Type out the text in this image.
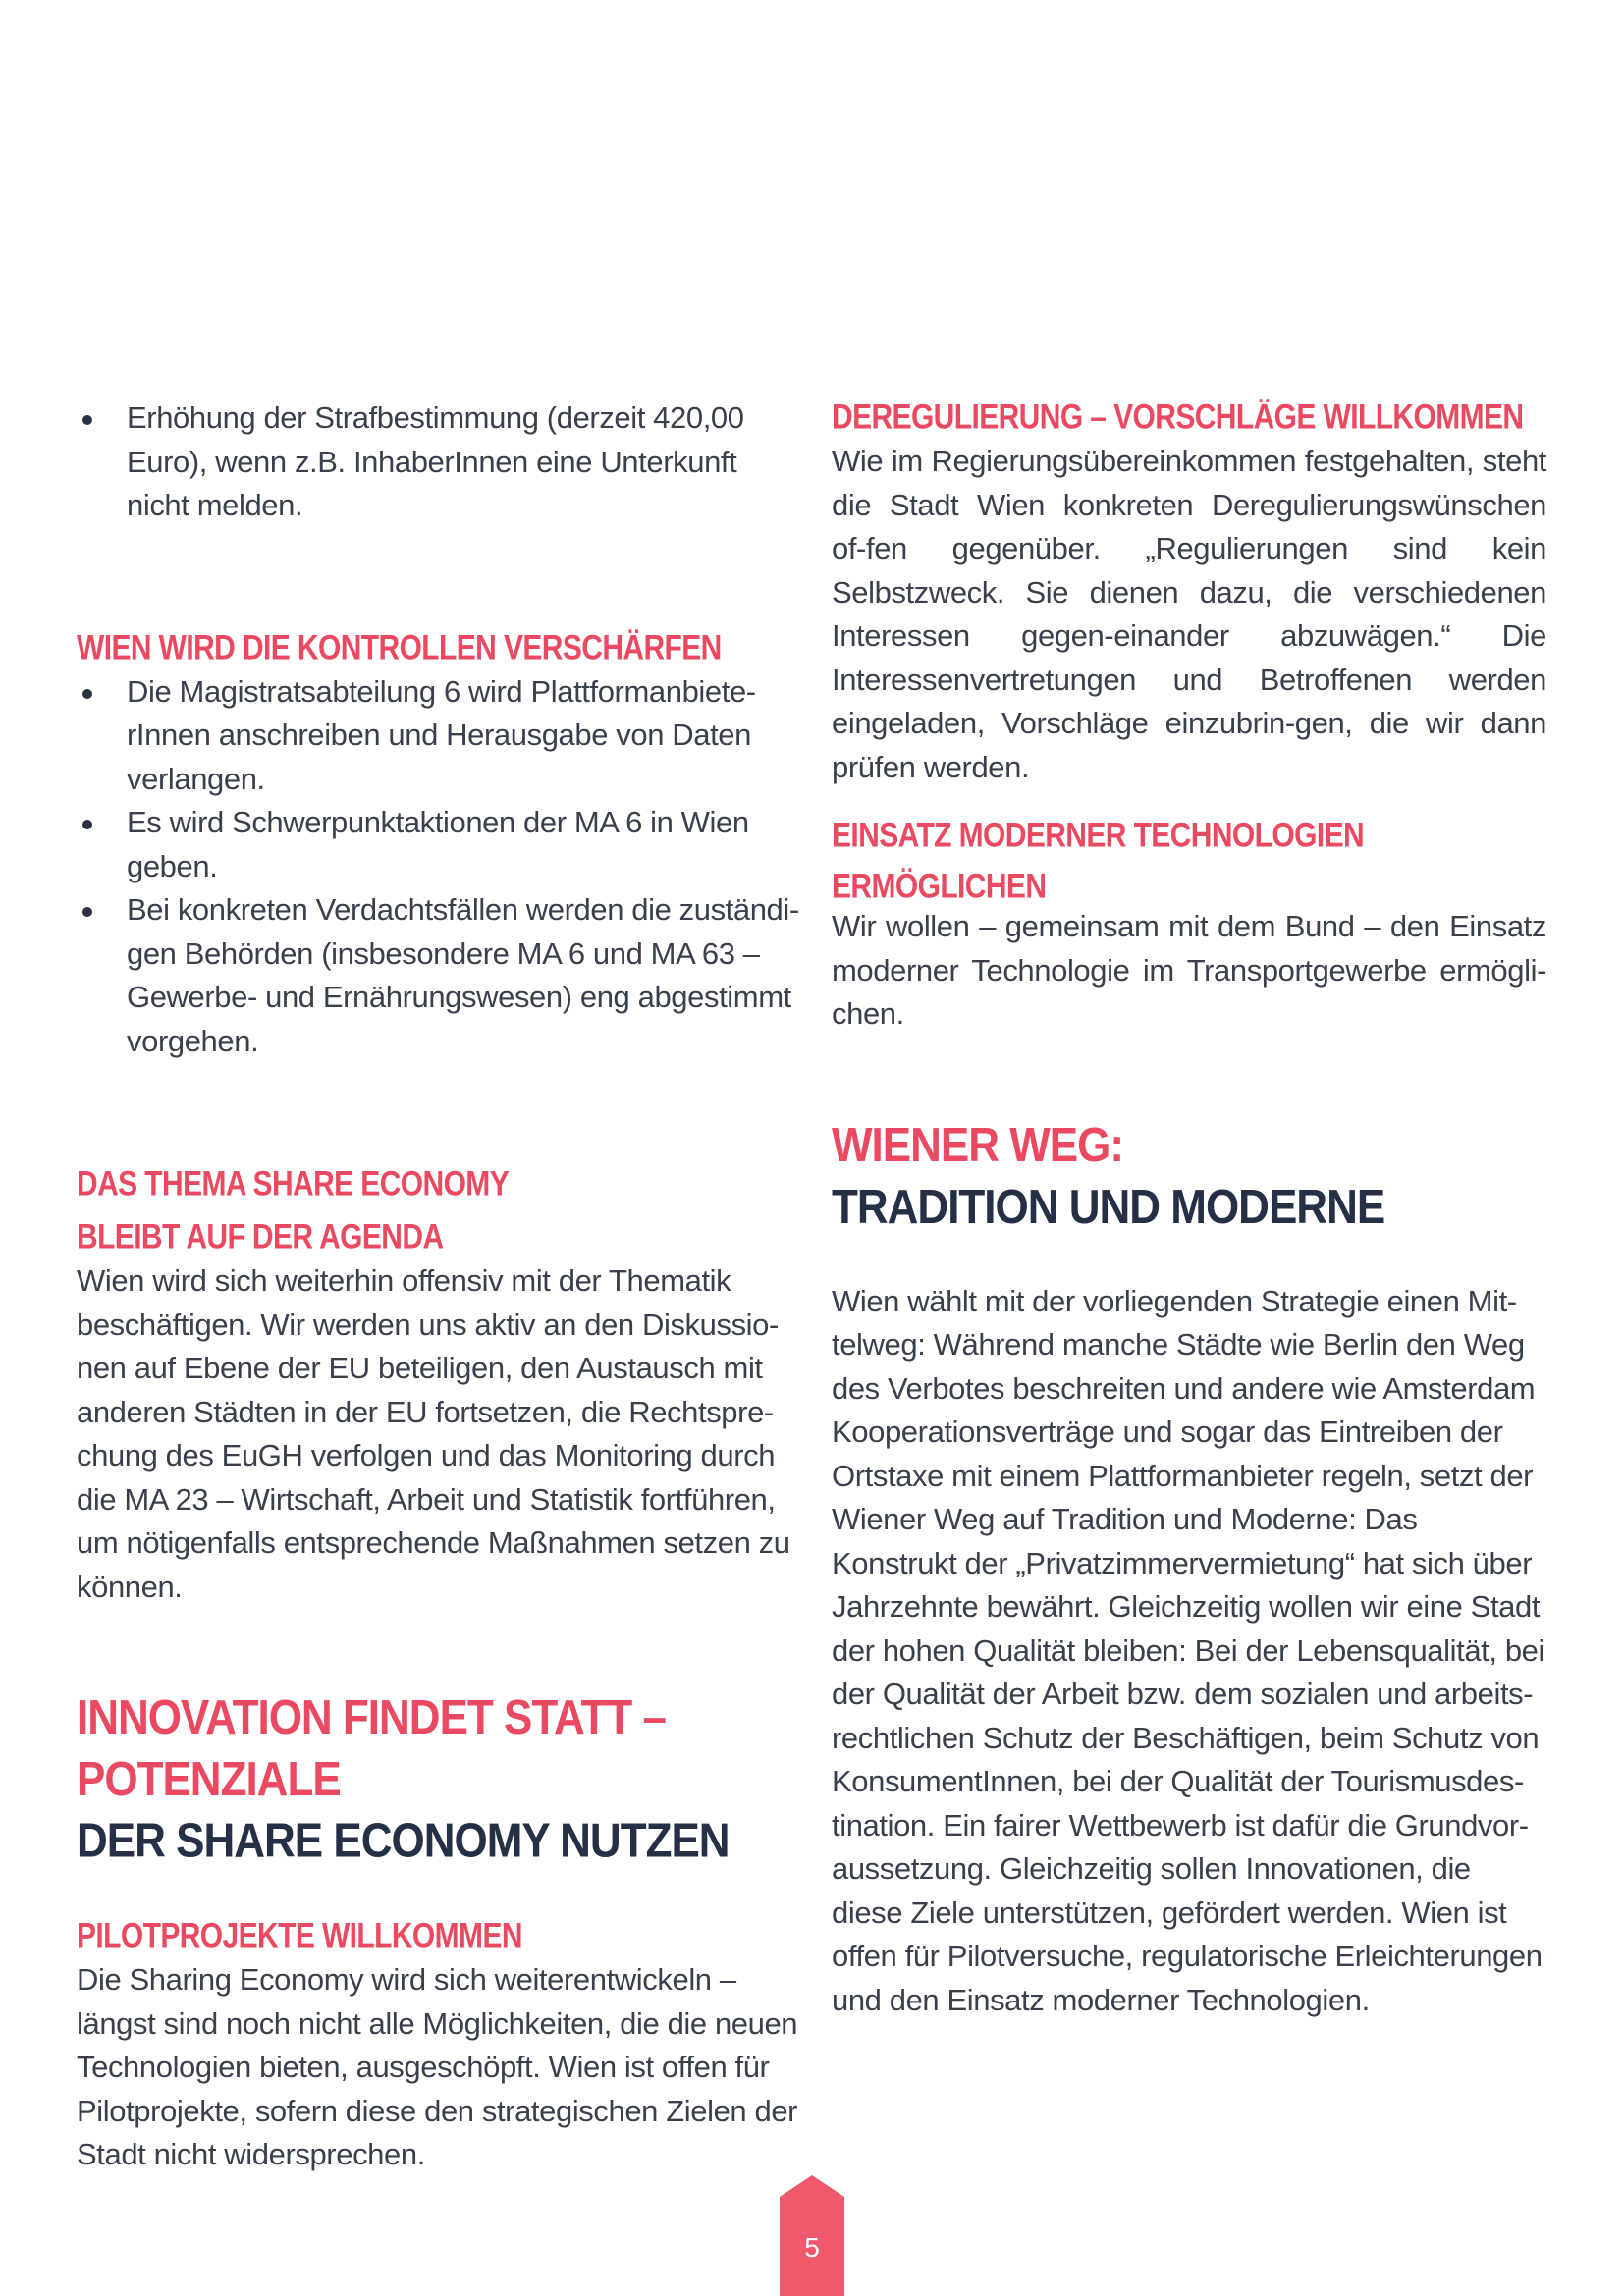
Erhöhung der Strafbestimmung (derzeit 420,00 Euro), wenn z.B. InhaberInnen eine Unterkunft nicht melden.
WIEN WIRD DIE KONTROLLEN VERSCHÄRFEN
Die Magistratsabteilung 6 wird Plattformanbiete-rInnen anschreiben und Herausgabe von Daten verlangen.
Es wird Schwerpunktaktionen der MA 6 in Wien geben.
Bei konkreten Verdachtsfällen werden die zuständi-gen Behörden (insbesondere MA 6 und MA 63 – Gewerbe- und Ernährungswesen) eng abgestimmt vorgehen.
DAS THEMA SHARE ECONOMY
BLEIBT AUF DER AGENDA

Wien wird sich weiterhin offensiv mit der Thematik beschäftigen. Wir werden uns aktiv an den Diskussio-nen auf Ebene der EU beteiligen, den Austausch mit anderen Städten in der EU fortsetzen, die Rechtspre-chung des EuGH verfolgen und das Monitoring durch die MA 23 – Wirtschaft, Arbeit und Statistik fortführen, um nötigenfalls entsprechende Maßnahmen setzen zu können.

INNOVATION FINDET STATT – POTENZIALE
DER SHARE ECONOMY NUTZEN
PILOTPROJEKTE WILLKOMMEN

Die Sharing Economy wird sich weiterentwickeln – längst sind noch nicht alle Möglichkeiten, die die neuen Technologien bieten, ausgeschöpft. Wien ist offen für Pilotprojekte, sofern diese den strategischen Zielen der Stadt nicht widersprechen.

DEREGULIERUNG – VORSCHLÄGE WILLKOMMEN

Wie im Regierungsübereinkommen festgehalten, steht die Stadt Wien konkreten Deregulierungswünschen of-fen gegenüber. „Regulierungen sind kein Selbstzweck. Sie dienen dazu, die verschiedenen Interessen gegen-einander abzuwägen.“ Die Interessenvertretungen und Betroffenen werden eingeladen, Vorschläge einzubrin-gen, die wir dann prüfen werden.

EINSATZ MODERNER TECHNOLOGIEN ERMÖGLICHEN

Wir wollen – gemeinsam mit dem Bund – den Einsatz moderner Technologie im Transportgewerbe ermögli-chen.

WIENER WEG:
TRADITION UND MODERNE

Wien wählt mit der vorliegenden Strategie einen Mit-telweg: Während manche Städte wie Berlin den Weg des Verbotes beschreiten und andere wie Amsterdam Kooperationsverträge und sogar das Eintreiben der Ortstaxe mit einem Plattformanbieter regeln, setzt der Wiener Weg auf Tradition und Moderne: Das Konstrukt der „Privatzimmervermietung“ hat sich über Jahrzehnte bewährt. Gleichzeitig wollen wir eine Stadt der hohen Qualität bleiben: Bei der Lebensqualität, bei der Qualität der Arbeit bzw. dem sozialen und arbeits-rechtlichen Schutz der Beschäftigen, beim Schutz von KonsumentInnen, bei der Qualität der Tourismusdes-tination. Ein fairer Wettbewerb ist dafür die Grundvor-aussetzung. Gleichzeitig sollen Innovationen, die diese Ziele unterstützen, gefördert werden. Wien ist offen für Pilotversuche, regulatorische Erleichterungen und den Einsatz moderner Technologien.

5
